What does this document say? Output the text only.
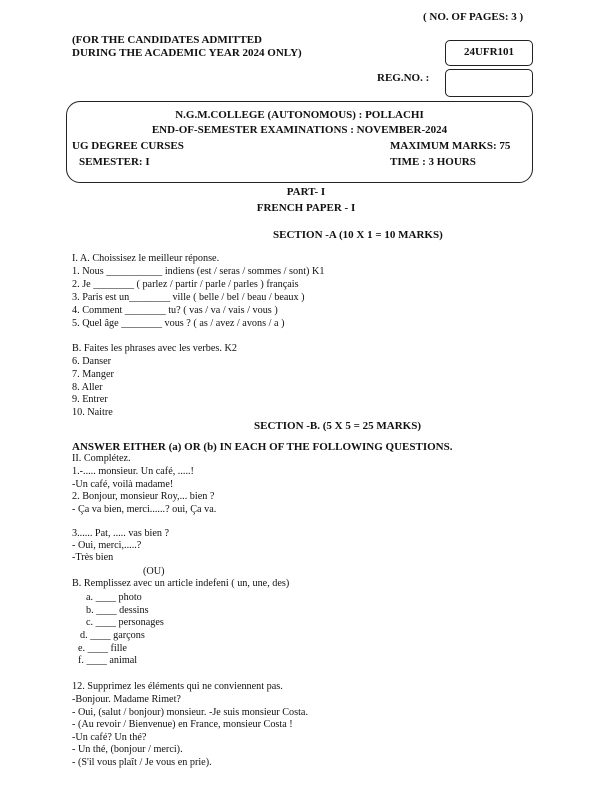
( NO. OF PAGES: 3 )
(FOR THE CANDIDATES ADMITTED
DURING THE ACADEMIC YEAR 2024 ONLY)	24UFR101
REG.NO. :
N.G.M.COLLEGE (AUTONOMOUS) : POLLACHI
END-OF-SEMESTER EXAMINATIONS : NOVEMBER-2024
UG DEGREE CURSES	MAXIMUM MARKS: 75
SEMESTER: I	TIME : 3 HOURS
PART- I
FRENCH PAPER - I
SECTION -A (10 X 1 = 10 MARKS)
I. A. Choissisez le meilleur réponse.
1. Nous ___________ indiens (est / seras / sommes / sont) K1
2. Je ________ ( parlez / partir / parle / parles ) français
3. Paris est un________ ville ( belle / bel / beau / beaux )
4. Comment ________ tu? ( vas / va / vais / vous )
5. Quel âge ________ vous ? ( as / avez / avons / a )
B. Faites les phrases avec les verbes. K2
6. Danser
7. Manger
8. Aller
9. Entrer
10. Naitre
SECTION -B. (5 X 5 = 25 MARKS)
ANSWER EITHER (a) OR (b) IN EACH OF THE FOLLOWING QUESTIONS.
II. Complétez.
1.-..... monsieur. Un café, .....!
-Un café, voilà madame!
2. Bonjour, monsieur Roy,... bien ?
- Ça va bien, merci......? oui, Ça va.
3...... Pat, ..... vas bien ?
- Oui, merci,.....?
-Très bien
(OU)
B. Remplissez avec un article indefeni ( un, une, des)
a. ____ photo
b. ____ dessins
c. ____ personages
d. ____ garçons
e. ____ fille
f. ____ animal
12. Supprimez les éléments qui ne conviennent pas.
-Bonjour. Madame Rimet?
- Oui, (salut / bonjour) monsieur. -Je suis monsieur Costa.
- (Au revoir / Bienvenue) en France, monsieur Costa !
-Un café? Un thé?
- Un thé, (bonjour / merci).
- (S'il vous plaît / Je vous en prie).
